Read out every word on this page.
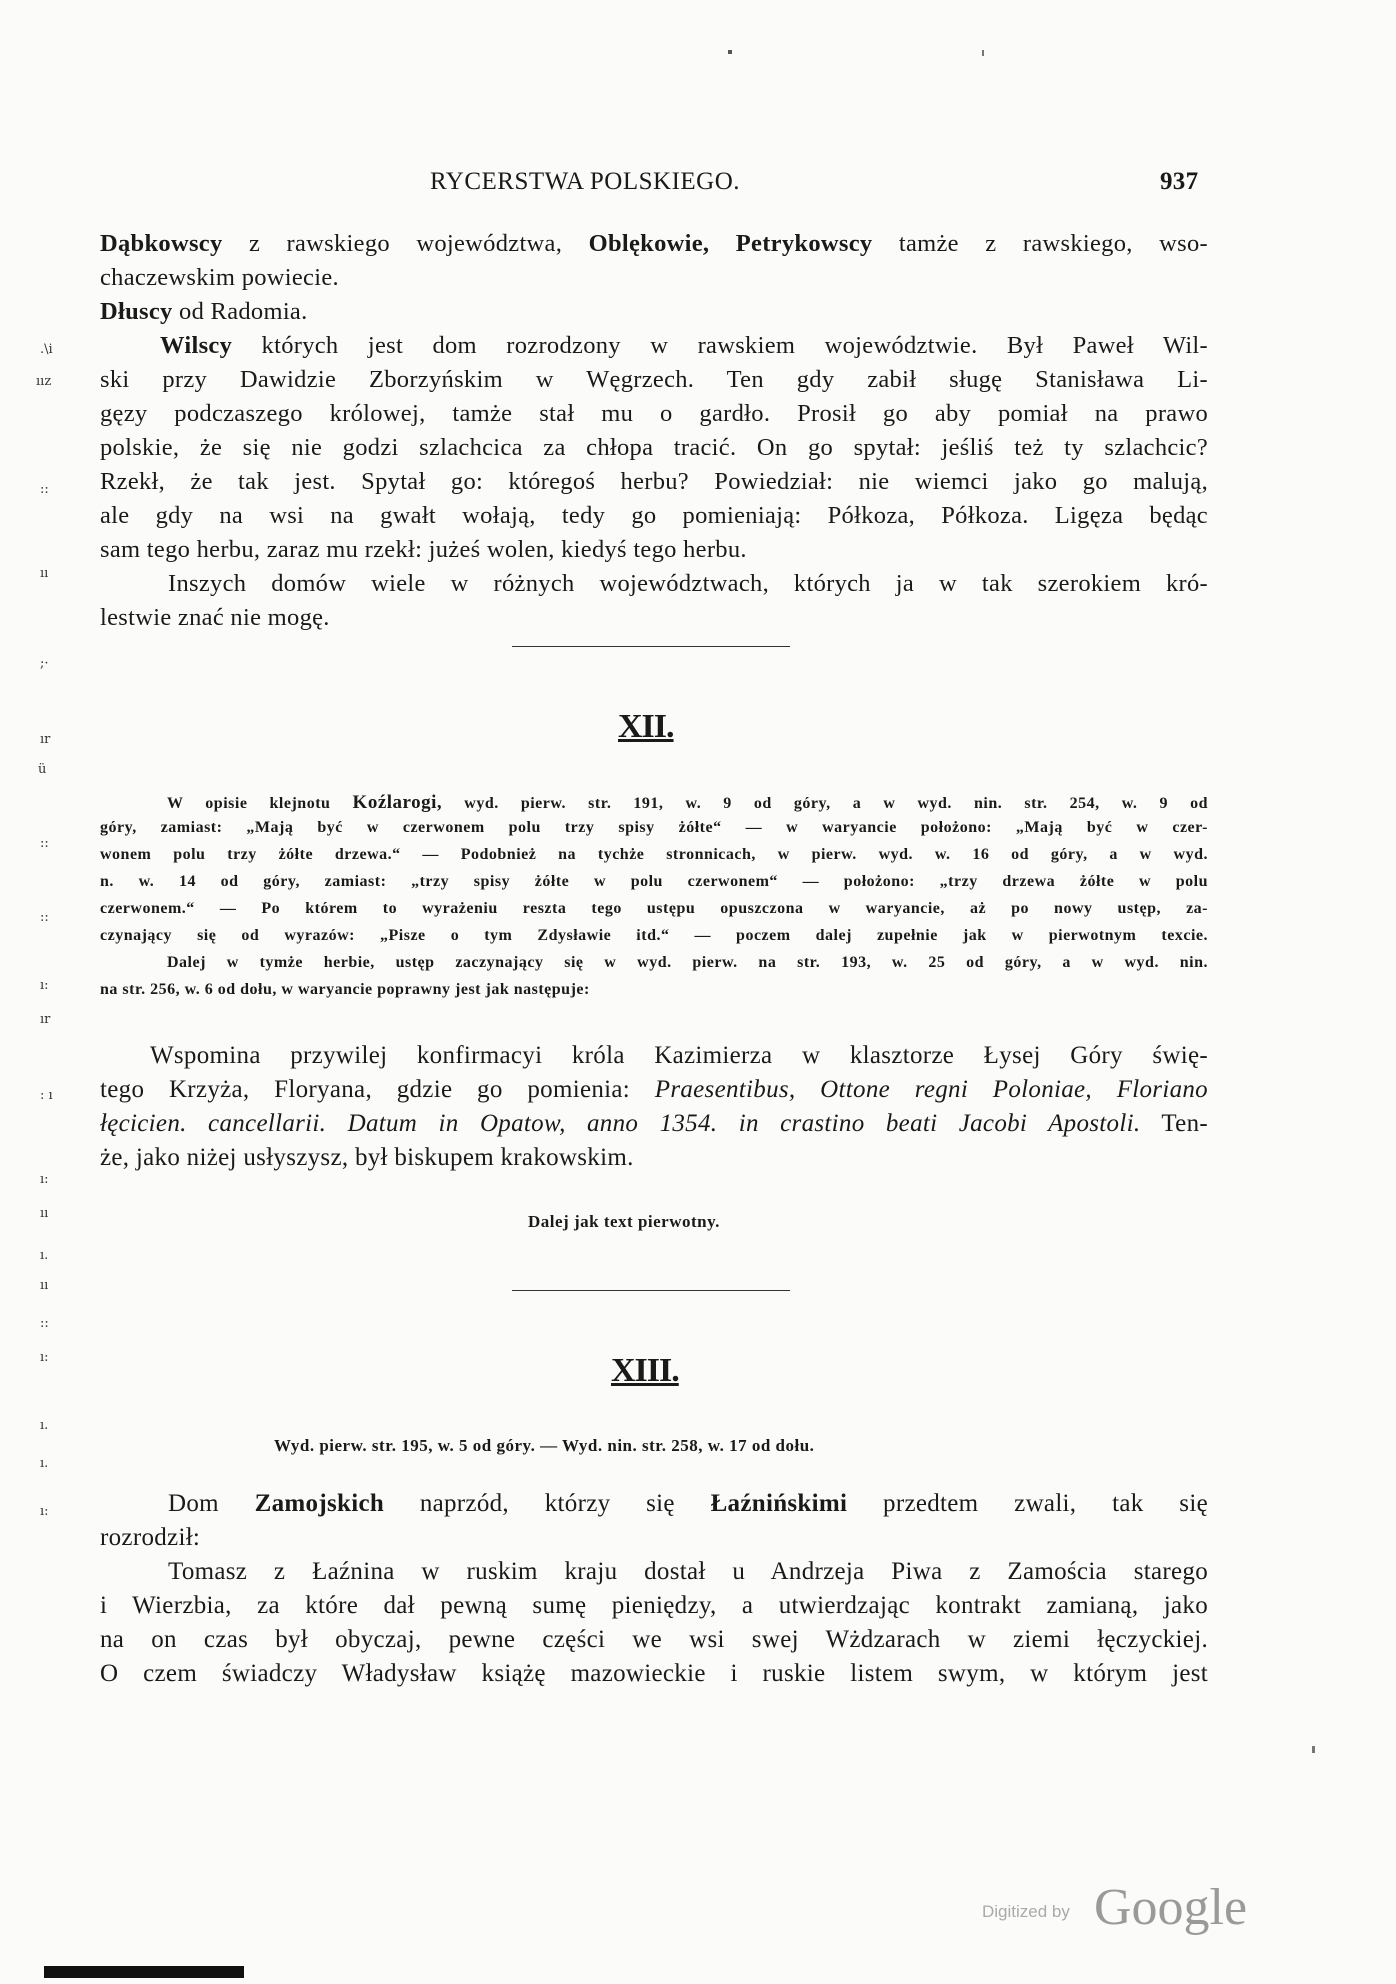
RYCERSTWA POLSKIEGO.	937
Dąbkowscy z rawskiego województwa, Oblękowie, Petrykowscy tamże z rawskiego, wso-
chaczewskim powiecie.
Dłuscy od Radomia.
Wilscy których jest dom rozrodzony w rawskiem województwie. Był Paweł Wil-
ski przy Dawidzie Zborzyńskim w Węgrzech. Ten gdy zabił sługę Stanisława Li-
gęzy podczaszego królowej, tamże stał mu o gardło. Prosił go aby pomiał na prawo
polskie, że się nie godzi szlachcica za chłopa tracić. On go spytał: jeśliś też ty szlachcic?
Rzekł, że tak jest. Spytał go: któregoś herbu? Powiedział: nie wiemci jako go malują,
ale gdy na wsi na gwałt wołają, tedy go pomieniają: Półkoza, Półkoza. Ligęza będąc
sam tego herbu, zaraz mu rzekł: jużeś wolen, kiedyś tego herbu.
Inszych domów wiele w różnych województwach, których ja w tak szerokiem kró-
lestwie znać nie mogę.
XII.
W opisie klejnotu Koźlarogi, wyd. pierw. str. 191, w. 9 od góry, a w wyd. nin. str. 254, w. 9 od
góry, zamiast: „Mają być w czerwonem polu trzy spisy żółte“ — w waryancie położono: „Mają być w czer-
wonem polu trzy żółte drzewa.“ — Podobnież na tychże stronnicach, w pierw. wyd. w. 16 od góry, a w wyd.
n. w. 14 od góry, zamiast: „trzy spisy żółte w polu czerwonem“ — położono: „trzy drzewa żółte w polu
czerwonem.“ — Po którem to wyrażeniu reszta tego ustępu opuszczona w waryancie, aż po nowy ustęp, za-
czynający się od wyrazów: „Pisze o tym Zdysławie itd.“ — poczem dalej zupełnie jak w pierwotnym texcie.
Dalej w tymże herbie, ustęp zaczynający się w wyd. pierw. na str. 193, w. 25 od góry, a w wyd. nin.
na str. 256, w. 6 od dołu, w waryancie poprawny jest jak następuje:
Wspomina przywilej konfirmacyi króla Kazimierza w klasztorze Łysej Góry świę-
tego Krzyża, Floryana, gdzie go pomienia: Praesentibus, Ottone regni Poloniae, Floriano
łęcicien. cancellarii. Datum in Opatow, anno 1354. in crastino beati Jacobi Apostoli. Ten-
że, jako niżej usłyszysz, był biskupem krakowskim.
Dalej jak text pierwotny.
XIII.
Wyd. pierw. str. 195, w. 5 od góry. — Wyd. nin. str. 258, w. 17 od dołu.
Dom Zamojskich naprzód, którzy się Łaźnińskimi przedtem zwali, tak się
rozrodził:
Tomasz z Łaźnina w ruskim kraju dostał u Andrzeja Piwa z Zamościa starego
i Wierzbia, za które dał pewną sumę pieniędzy, a utwierdzając kontrakt zamianą, jako
na on czas był obyczaj, pewne części we wsi swej Wżdzarach w ziemi łęczyckiej.
O czem świadczy Władysław książę mazowieckie i ruskie listem swym, w którym jest
.\i
ıız
::
ıı
;·
ır
ü
::
::
ı:
ır
: ı
ı:
ıı
ı.
ıı
::
ı:
ı.
ı.
ı:
Digitized by Google
